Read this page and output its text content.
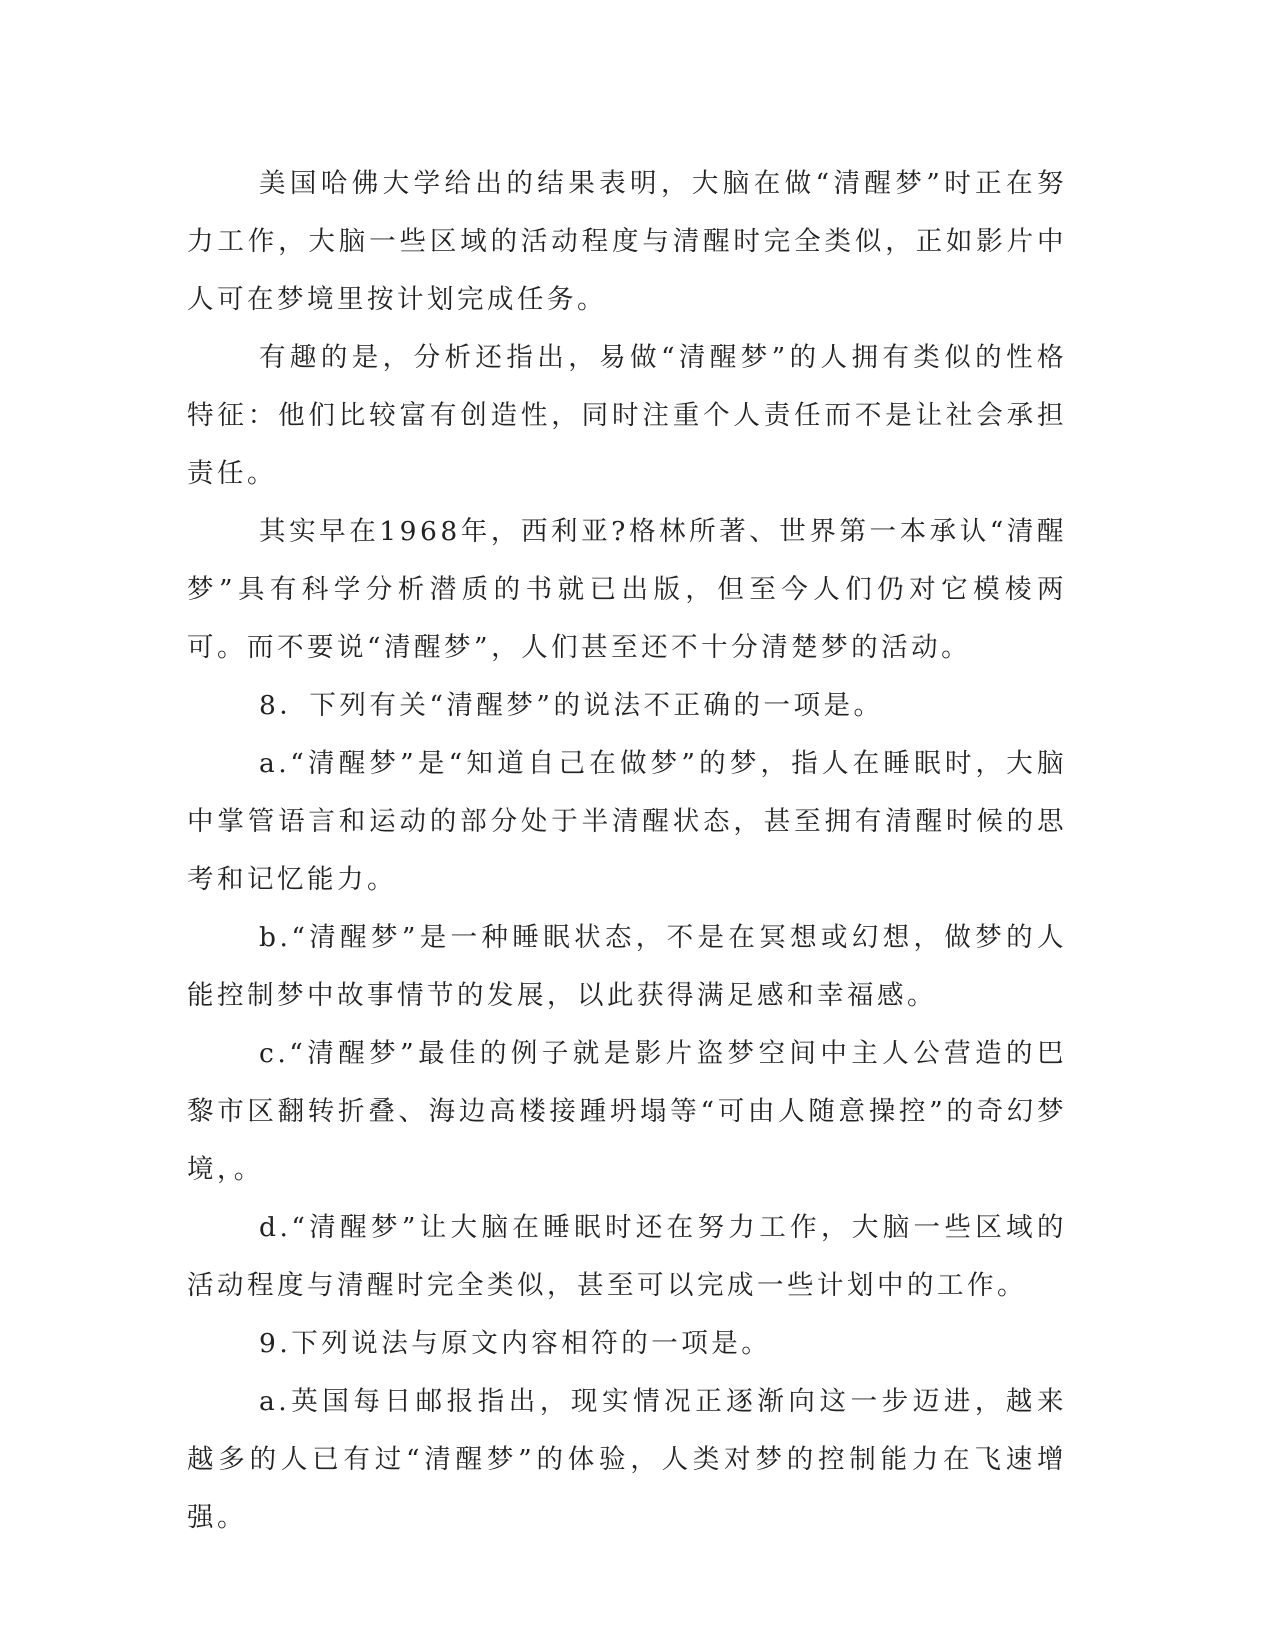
美国哈佛大学给出的结果表明，大脑在做“清醒梦”时正在努力工作，大脑一些区域的活动程度与清醒时完全类似，正如影片中人可在梦境里按计划完成任务。

有趣的是，分析还指出，易做“清醒梦”的人拥有类似的性格特征：他们比较富有创造性，同时注重个人责任而不是让社会承担责任。

其实早在1968年，西利亚?格林所著、世界第一本承认“清醒梦”具有科学分析潜质的书就已出版，但至今人们仍对它模棱两可。而不要说“清醒梦”，人们甚至还不十分清楚梦的活动。

8．下列有关“清醒梦”的说法不正确的一项是。

a.“清醒梦”是“知道自己在做梦”的梦，指人在睡眠时，大脑中掌管语言和运动的部分处于半清醒状态，甚至拥有清醒时候的思考和记忆能力。

b.“清醒梦”是一种睡眠状态，不是在冥想或幻想，做梦的人能控制梦中故事情节的发展，以此获得满足感和幸福感。

c.“清醒梦”最佳的例子就是影片盗梦空间中主人公营造的巴黎市区翻转折叠、海边高楼接踵坍塌等“可由人随意操控”的奇幻梦境，。

d.“清醒梦”让大脑在睡眠时还在努力工作，大脑一些区域的活动程度与清醒时完全类似，甚至可以完成一些计划中的工作。

9.下列说法与原文内容相符的一项是。

a.英国每日邮报指出，现实情况正逐渐向这一步迈进，越来越多的人已有过“清醒梦”的体验，人类对梦的控制能力在飞速增强。
